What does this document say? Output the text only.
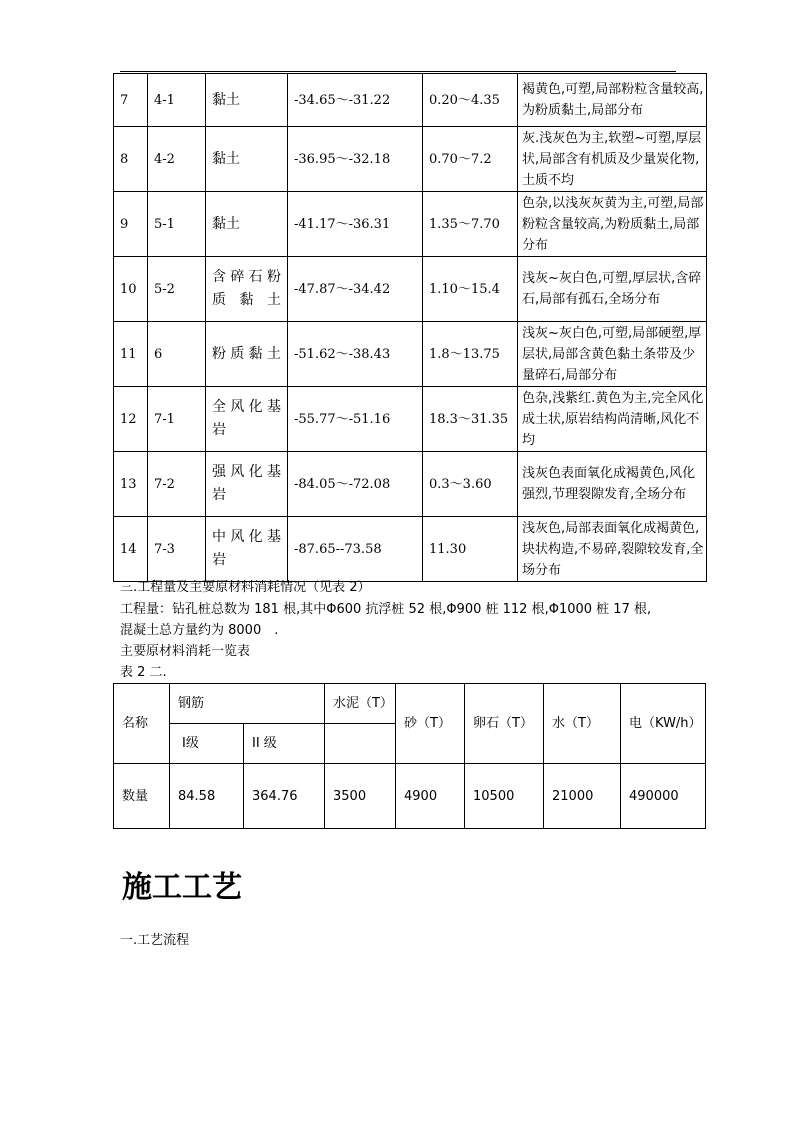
7	4-1	黏土	-34.65～-31.22	0.20～4.35	褐黄色,可塑,局部粉粒含量较高,为粉质黏土,局部分布
8	4-2	黏土	-36.95～-32.18	0.70～7.2	灰.浅灰色为主,软塑~可塑,厚层状,局部含有机质及少量炭化物,土质不均
9	5-1	黏土	-41.17～-36.31	1.35～7.70	色杂,以浅灰灰黄为主,可塑,局部粉粒含量较高,为粉质黏土,局部分布
10	5-2	含碎石粉质黏土	-47.87～-34.42	1.10～15.4	浅灰~灰白色,可塑,厚层状,含碎石,局部有孤石,全场分布
11	6	粉质黏土	-51.62～-38.43	1.8～13.75	浅灰~灰白色,可塑,局部硬塑,厚层状,局部含黄色黏土条带及少量碎石,局部分布
12	7-1	全风化基岩	-55.77～-51.16	18.3～31.35	色杂,浅紫红.黄色为主,完全风化成土状,原岩结构尚清晰,风化不均
13	7-2	强风化基岩	-84.05～-72.08	0.3～3.60	浅灰色表面氧化成褐黄色,风化强烈,节理裂隙发育,全场分布
14	7-3	中风化基岩	-87.65--73.58	11.30	浅灰色,局部表面氧化成褐黄色,块状构造,不易碎,裂隙较发育,全场分布
三.工程量及主要原材料消耗情况（见表 2）
工程量：钻孔桩总数为 181 根,其中Φ600 抗浮桩 52 根,Φ900 桩 112 根,Φ1000 桩 17 根,
混凝土总方量约为 8000　.
主要原材料消耗一览表
表 2 二.
名称	钢筋		水泥（T）	砂（T）	卵石（T）	水（T）	电（KW/h）
	Ⅰ级	II 级					
数量	84.58	364.76	3500	4900	10500	21000	490000
施工工艺
一.工艺流程
